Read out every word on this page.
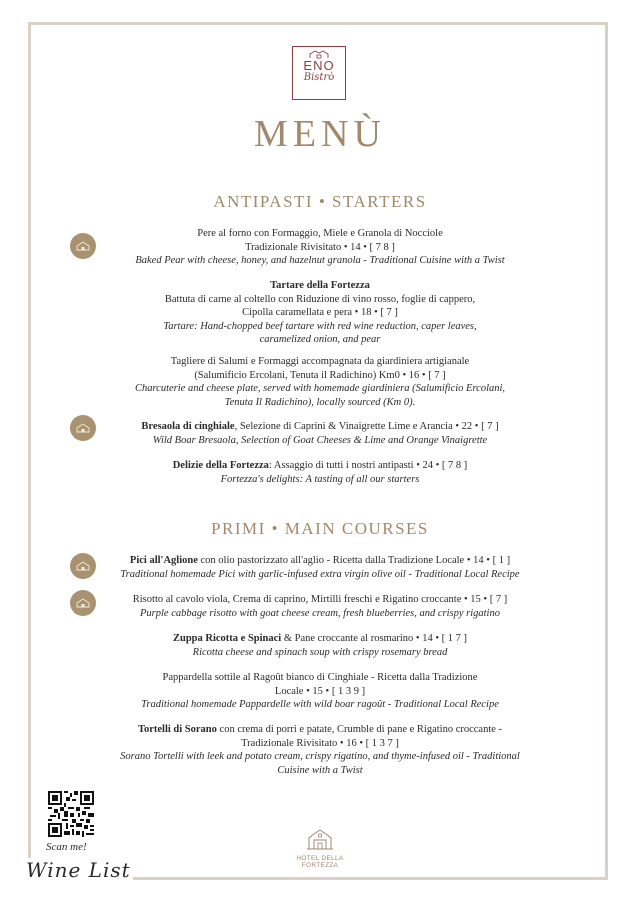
ENO
Bistrò
MENÙ
ANTIPASTI • STARTERS
Pere al forno con Formaggio, Miele e Granola di Nocciole
Tradizionale Rivisitato • 14 • [ 7 8 ]
Baked Pear with cheese, honey, and hazelnut granola - Traditional Cuisine with a Twist
Tartare della Fortezza
Battuta di carne al coltello con Riduzione di vino rosso, foglie di cappero,
Cipolla caramellata e pera • 18 • [ 7 ]
Tartare: Hand-chopped beef tartare with red wine reduction, caper leaves,
caramelized onion, and pear
Tagliere di Salumi e Formaggi accompagnata da giardiniera artigianale
(Salumificio Ercolani, Tenuta il Radichino) Km0 • 16 • [ 7 ]
Charcuterie and cheese plate, served with homemade giardiniera (Salumificio Ercolani,
Tenuta Il Radichino), locally sourced (Km 0).
Bresaola di cinghiale, Selezione di Caprini & Vinaigrette Lime e Arancia • 22 • [ 7 ]
Wild Boar Bresaola, Selection of Goat Cheeses & Lime and Orange Vinaigrette
Delizie della Fortezza: Assaggio di tutti i nostri antipasti • 24 • [ 7 8 ]
Fortezza's delights: A tasting of all our starters
PRIMI • MAIN COURSES
Pici all'Aglione con olio pastorizzato all'aglio - Ricetta dalla Tradizione Locale • 14 • [ 1 ]
Traditional homemade Pici with garlic-infused extra virgin olive oil - Traditional Local Recipe
Risotto al cavolo viola, Crema di caprino, Mirtilli freschi e Rigatino croccante • 15 • [ 7 ]
Purple cabbage risotto with goat cheese cream, fresh blueberries, and crispy rigatino
Zuppa Ricotta e Spinaci & Pane croccante al rosmarino • 14 • [ 1 7 ]
Ricotta cheese and spinach soup with crispy rosemary bread
Pappardella sottile al Ragoût bianco di Cinghiale - Ricetta dalla Tradizione
Locale • 15 • [ 1 3 9 ]
Traditional homemade Pappardelle with wild boar ragoût - Traditional Local Recipe
Tortelli di Sorano con crema di porri e patate, Crumble di pane e Rigatino croccante -
Tradizionale Rivisitato • 16 • [ 1 3 7 ]
Sorano Tortelli with leek and potato cream, crispy rigatino, and thyme-infused oil - Traditional
Cuisine with a Twist
Scan me!
Wine List	HOTEL DELLA FORTEZZA
